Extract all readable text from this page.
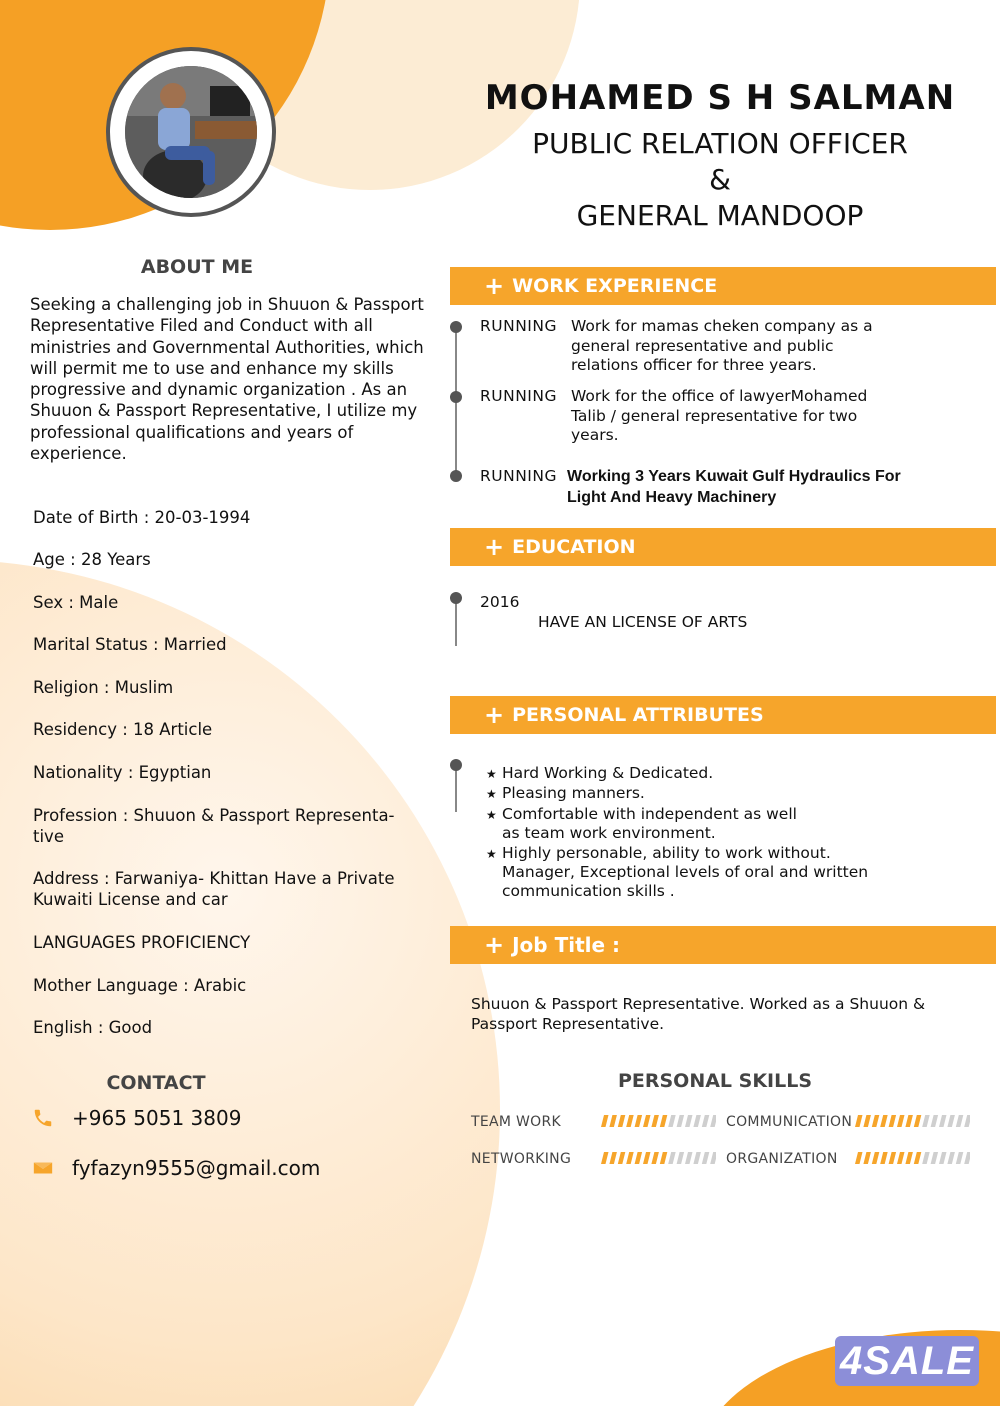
MOHAMED S H SALMAN
PUBLIC RELATION OFFICER
&
GENERAL MANDOOP
ABOUT ME
Seeking a challenging job in Shuuon & Passport Representative Filed and Conduct with all ministries and Governmental Authorities, which will permit me to use and enhance my skills progressive and dynamic organization . As an Shuuon & Passport Representative, I utilize my professional qualifications and years of experience.
Date of Birth : 20-03-1994
Age : 28 Years
Sex : Male
Marital Status : Married
Religion : Muslim
Residency : 18 Article
Nationality : Egyptian
Profession : Shuuon & Passport Representa-tive
Address : Farwaniya- Khittan Have a Private Kuwaiti License and car
LANGUAGES PROFICIENCY
Mother Language : Arabic
English : Good
CONTACT
+965 5051 3809
fyfazyn9555@gmail.com
+ WORK EXPERIENCE
RUNNING Work for mamas cheken company as a general representative and public relations officer for three years.
RUNNING Work for the office of lawyerMohamed Talib / general representative for two years.
RUNNING Working 3 Years Kuwait Gulf Hydraulics For Light And Heavy Machinery
+ EDUCATION
2016
HAVE AN LICENSE OF ARTS
+ PERSONAL ATTRIBUTES
★ Hard Working & Dedicated.
★ Pleasing manners.
★ Comfortable with independent as well as team work environment.
★ Highly personable, ability to work without. Manager, Exceptional levels of oral and written communication skills .
+ Job Title :
Shuuon & Passport Representative. Worked as a Shuuon & Passport Representative.
PERSONAL SKILLS
TEAM WORK	COMMUNICATION
NETWORKING	ORGANIZATION
4SALE
